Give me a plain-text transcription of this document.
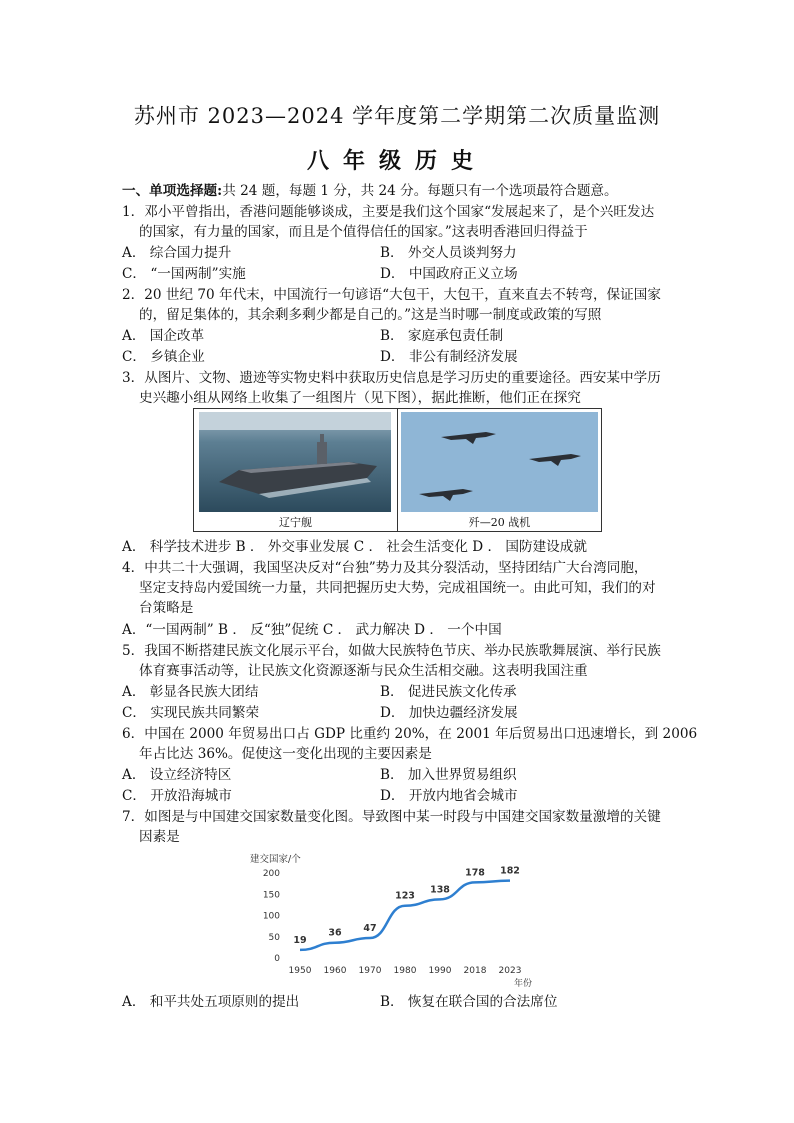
苏州市 2023—2024 学年度第二学期第二次质量监测
八年级历史
一、单项选择题:共 24 题，每题 1 分，共 24 分。每题只有一个选项最符合题意。
1．邓小平曾指出，香港问题能够谈成，主要是我们这个国家“发展起来了，是个兴旺发达
的国家，有力量的国家，而且是个值得信任的国家。”这表明香港回归得益于
A． 综合国力提升	B． 外交人员谈判努力
C． “一国两制”实施	D． 中国政府正义立场
2．20 世纪 70 年代末，中国流行一句谚语“大包干，大包干，直来直去不转弯，保证国家
的，留足集体的，其余剩多剩少都是自己的。”这是当时哪一制度或政策的写照
A． 国企改革	B． 家庭承包责任制
C． 乡镇企业	D． 非公有制经济发展
3．从图片、文物、遗迹等实物史料中获取历史信息是学习历史的重要途径。西安某中学历
史兴趣小组从网络上收集了一组图片（见下图），据此推断，他们正在探究
辽宁舰	歼—20 战机
A． 科学技术进步 B ． 外交事业发展 C ． 社会生活变化 D ． 国防建设成就
4．中共二十大强调，我国坚决反对“台独”势力及其分裂活动，坚持团结广大台湾同胞，
坚定支持岛内爱国统一力量，共同把握历史大势，完成祖国统一。由此可知，我们的对
台策略是
A．“一国两制” B ． 反“独”促统 C ． 武力解决 D ． 一个中国
5．我国不断搭建民族文化展示平台，如做大民族特色节庆、举办民族歌舞展演、举行民族
体育赛事活动等，让民族文化资源逐渐与民众生活相交融。这表明我国注重
A． 彰显各民族大团结	B． 促进民族文化传承
C． 实现民族共同繁荣	D． 加快边疆经济发展
6．中国在 2000 年贸易出口占 GDP 比重约 20%，在 2001 年后贸易出口迅速增长，到 2006
年占比达 36%。促使这一变化出现的主要因素是
A． 设立经济特区	B． 加入世界贸易组织
C． 开放沿海城市	D． 开放内地省会城市
7．如图是与中国建交国家数量变化图。导致图中某一时段与中国建交国家数量激增的关键
因素是
建交国家/个
0
50
100
150
200
1950 1960 1970 1980 1990 2018 2023
19
36 47
123
138
178 182
年份
A． 和平共处五项原则的提出	B． 恢复在联合国的合法席位
